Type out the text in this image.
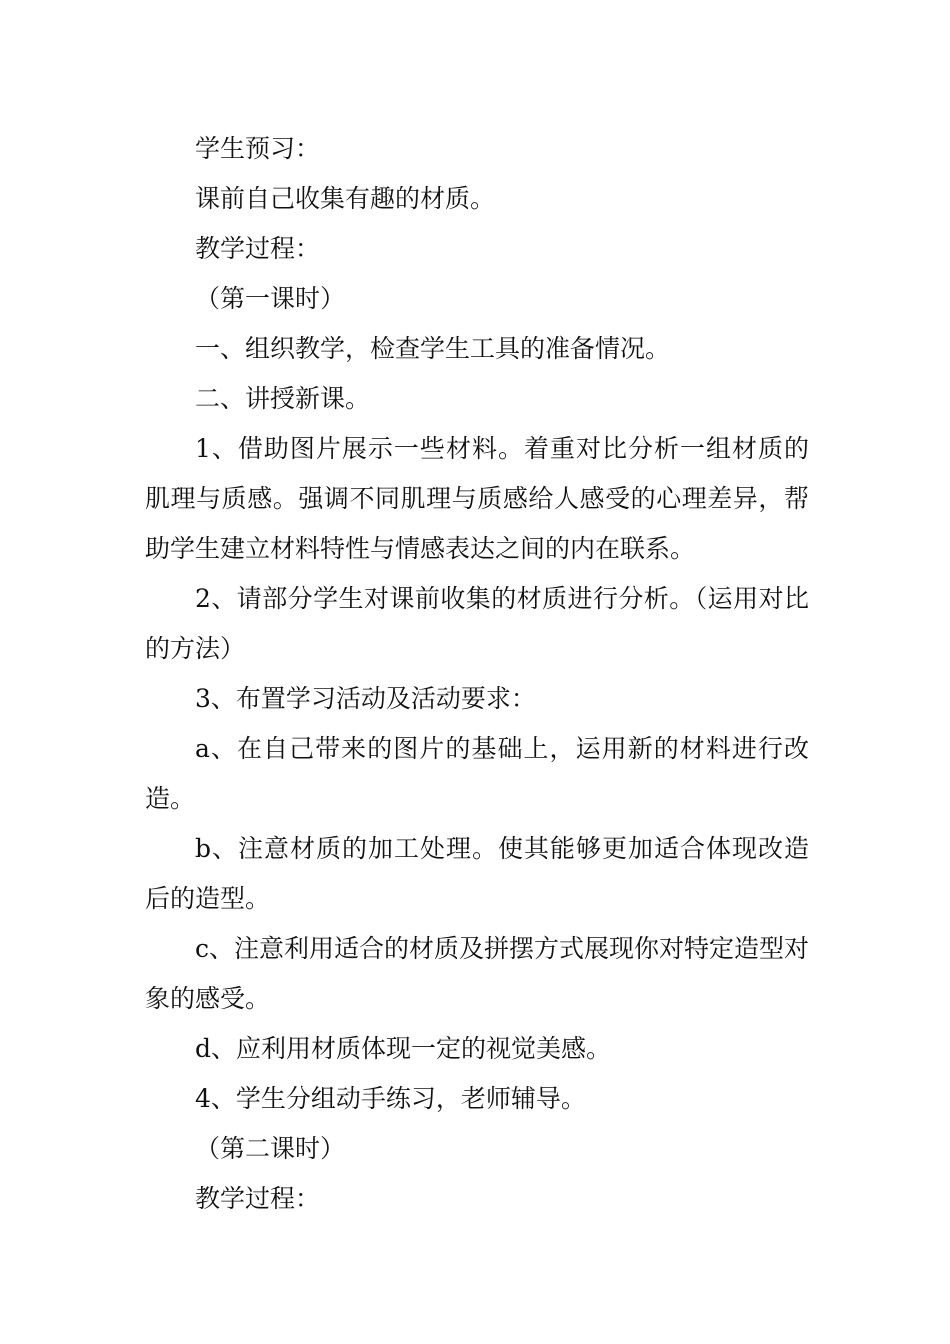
学生预习：

课前自己收集有趣的材质。

教学过程：

（第一课时）

一、组织教学，检查学生工具的准备情况。

二、讲授新课。

1、借助图片展示一些材料。着重对比分析一组材质的肌理与质感。强调不同肌理与质感给人感受的心理差异，帮助学生建立材料特性与情感表达之间的内在联系。

2、请部分学生对课前收集的材质进行分析。（运用对比的方法）

3、布置学习活动及活动要求：

a、在自己带来的图片的基础上，运用新的材料进行改造。

b、注意材质的加工处理。使其能够更加适合体现改造后的造型。

c、注意利用适合的材质及拼摆方式展现你对特定造型对象的感受。

d、应利用材质体现一定的视觉美感。

4、学生分组动手练习，老师辅导。

（第二课时）

教学过程：
